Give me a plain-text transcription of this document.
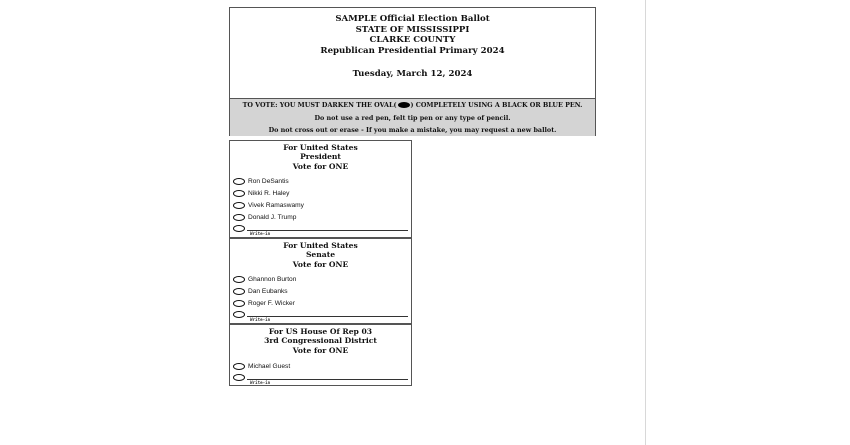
SAMPLE Official Election Ballot
STATE OF MISSISSIPPI
CLARKE COUNTY
Republican Presidential Primary 2024
Tuesday, March 12, 2024
TO VOTE: YOU MUST DARKEN THE OVAL( ) COMPLETELY USING A BLACK OR BLUE PEN.
Do not use a red pen, felt tip pen or any type of pencil.
Do not cross out or erase - If you make a mistake, you may request a new ballot.
For United States
President
Vote for ONE
Ron DeSantis
Nikki R. Haley
Vivek Ramaswamy
Donald J. Trump
Write-in
For United States
Senate
Vote for ONE
Ghannon Burton
Dan Eubanks
Roger F. Wicker
Write-in
For US House Of Rep 03
3rd Congressional District
Vote for ONE
Michael Guest
Write-in
